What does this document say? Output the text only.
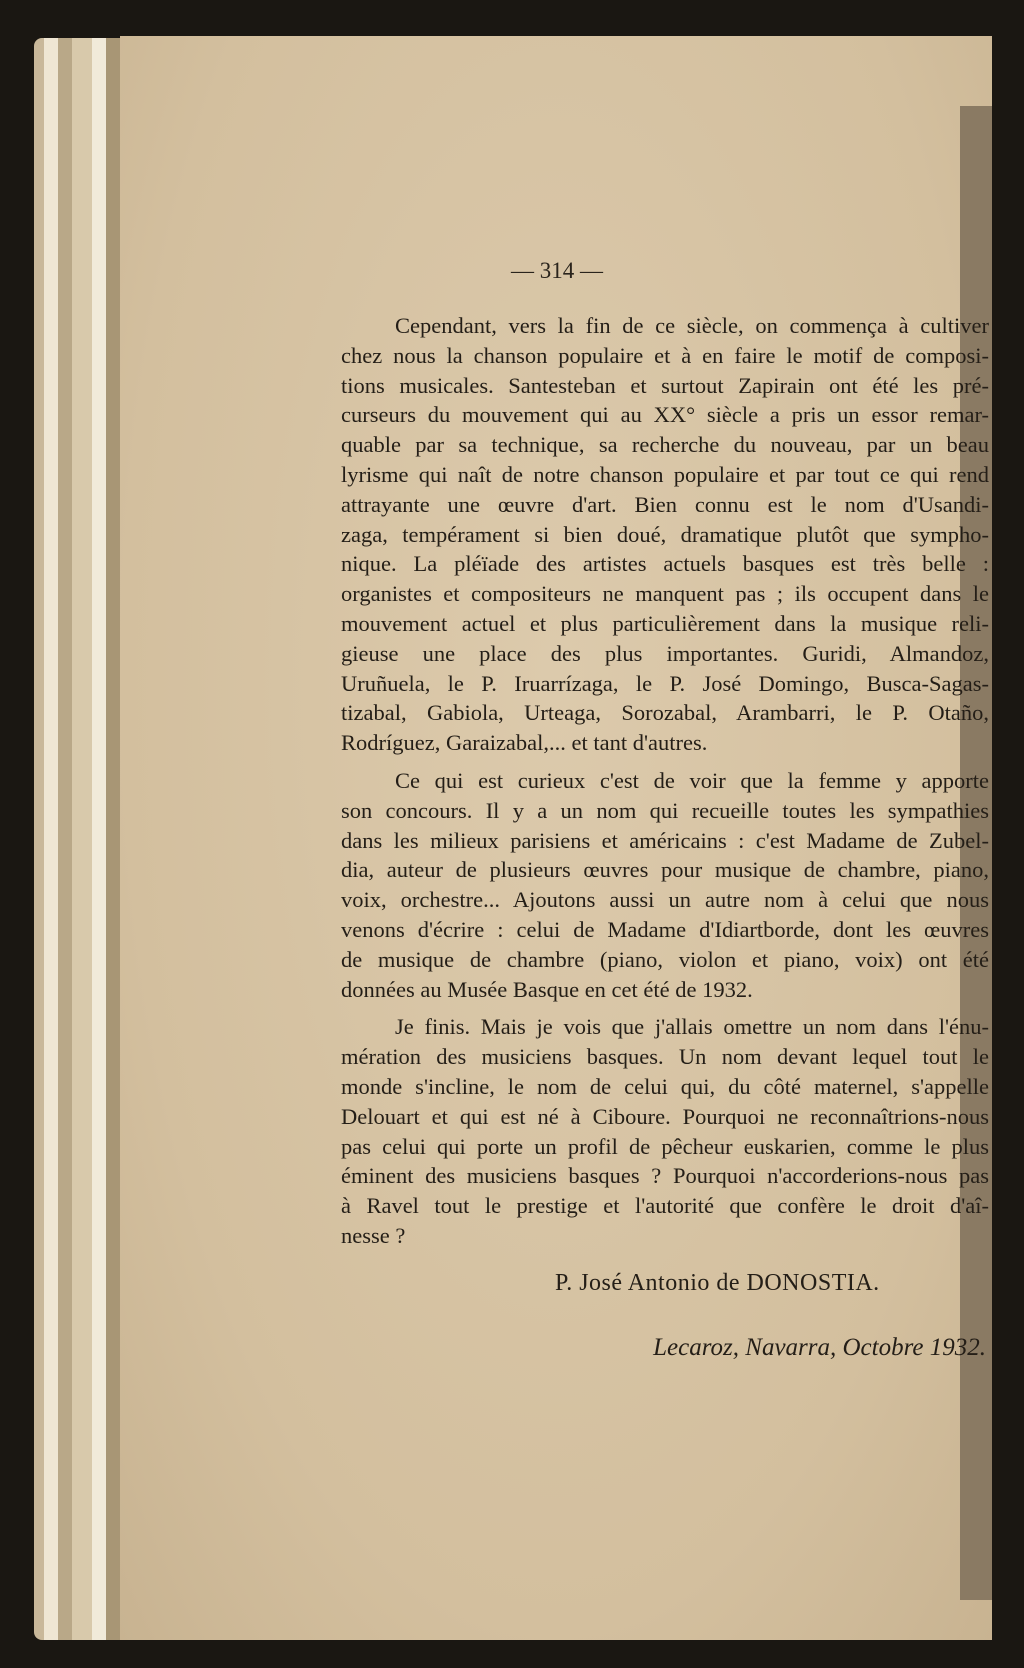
— 314 —
Cependant, vers la fin de ce siècle, on commença à cultiver
chez nous la chanson populaire et à en faire le motif de composi-
tions musicales. Santesteban et surtout Zapirain ont été les pré-
curseurs du mouvement qui au XX° siècle a pris un essor remar-
quable par sa technique, sa recherche du nouveau, par un beau
lyrisme qui naît de notre chanson populaire et par tout ce qui rend
attrayante une œuvre d'art. Bien connu est le nom d'Usandi-
zaga, tempérament si bien doué, dramatique plutôt que sympho-
nique. La pléïade des artistes actuels basques est très belle :
organistes et compositeurs ne manquent pas ; ils occupent dans le
mouvement actuel et plus particulièrement dans la musique reli-
gieuse une place des plus importantes. Guridi, Almandoz,
Uruñuela, le P. Iruarrízaga, le P. José Domingo, Busca-Sagas-
tizabal, Gabiola, Urteaga, Sorozabal, Arambarri, le P. Otaño,
Rodríguez, Garaizabal,... et tant d'autres.
Ce qui est curieux c'est de voir que la femme y apporte
son concours. Il y a un nom qui recueille toutes les sympathies
dans les milieux parisiens et américains : c'est Madame de Zubel-
dia, auteur de plusieurs œuvres pour musique de chambre, piano,
voix, orchestre... Ajoutons aussi un autre nom à celui que nous
venons d'écrire : celui de Madame d'Idiartborde, dont les œuvres
de musique de chambre (piano, violon et piano, voix) ont été
données au Musée Basque en cet été de 1932.
Je finis. Mais je vois que j'allais omettre un nom dans l'énu-
mération des musiciens basques. Un nom devant lequel tout le
monde s'incline, le nom de celui qui, du côté maternel, s'appelle
Delouart et qui est né à Ciboure. Pourquoi ne reconnaîtrions-nous
pas celui qui porte un profil de pêcheur euskarien, comme le plus
éminent des musiciens basques ? Pourquoi n'accorderions-nous pas
à Ravel tout le prestige et l'autorité que confère le droit d'aî-
nesse ?
P. José Antonio de DONOSTIA.
Lecaroz, Navarra, Octobre 1932.
